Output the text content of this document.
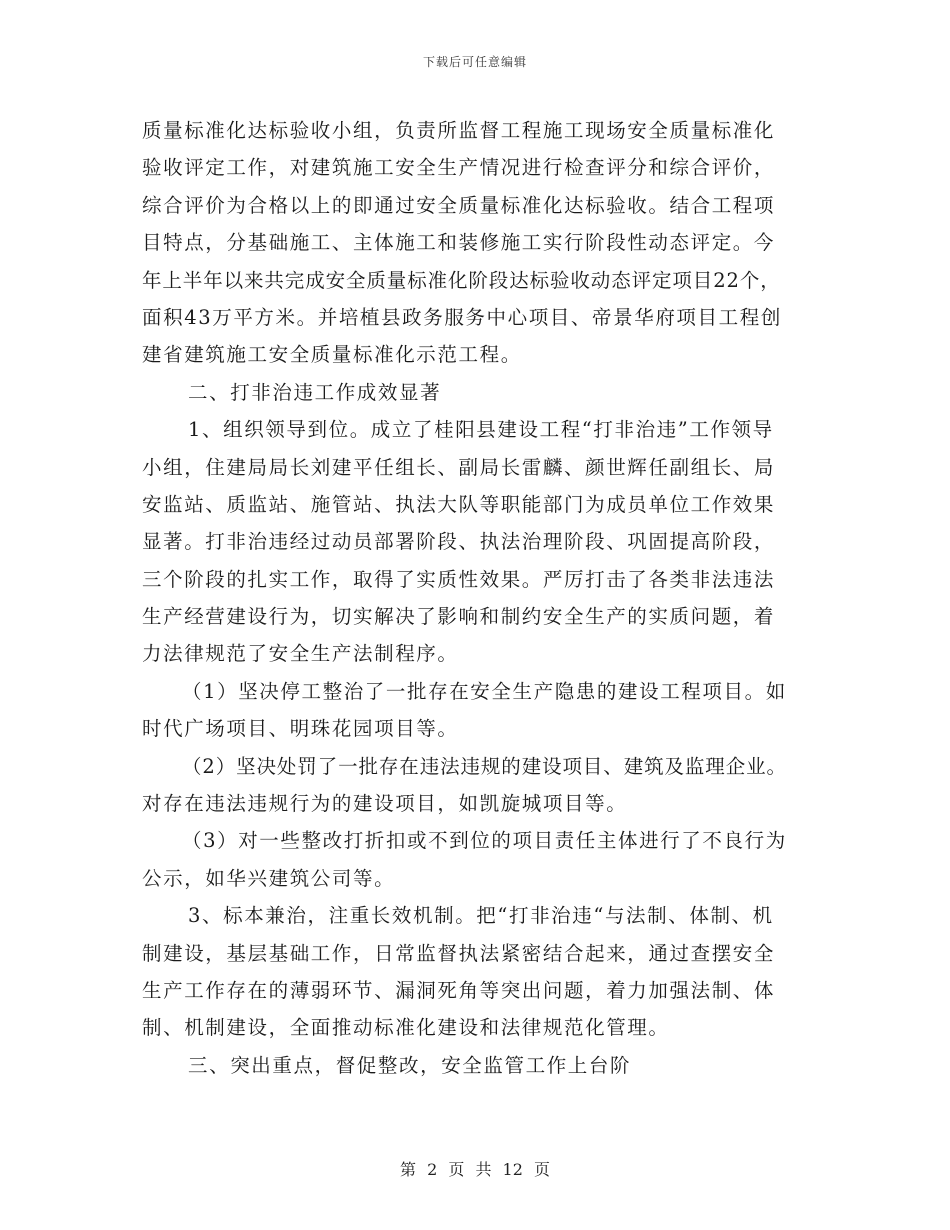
下载后可任意编辑
质量标准化达标验收小组，负责所监督工程施工现场安全质量标准化
验收评定工作，对建筑施工安全生产情况进行检查评分和综合评价，
综合评价为合格以上的即通过安全质量标准化达标验收。结合工程项
目特点，分基础施工、主体施工和装修施工实行阶段性动态评定。今
年上半年以来共完成安全质量标准化阶段达标验收动态评定项目22个，
面积43万平方米。并培植县政务服务中心项目、帝景华府项目工程创
建省建筑施工安全质量标准化示范工程。
二、打非治违工作成效显著
1、组织领导到位。成立了桂阳县建设工程“打非治违”工作领导
小组，住建局局长刘建平任组长、副局长雷麟、颜世辉任副组长、局
安监站、质监站、施管站、执法大队等职能部门为成员单位工作效果
显著。打非治违经过动员部署阶段、执法治理阶段、巩固提高阶段，
三个阶段的扎实工作，取得了实质性效果。严厉打击了各类非法违法
生产经营建设行为，切实解决了影响和制约安全生产的实质问题，着
力法律规范了安全生产法制程序。
（1）坚决停工整治了一批存在安全生产隐患的建设工程项目。如
时代广场项目、明珠花园项目等。
（2）坚决处罚了一批存在违法违规的建设项目、建筑及监理企业。
对存在违法违规行为的建设项目，如凯旋城项目等。
（3）对一些整改打折扣或不到位的项目责任主体进行了不良行为
公示，如华兴建筑公司等。
3、标本兼治，注重长效机制。把“打非治违“与法制、体制、机
制建设，基层基础工作，日常监督执法紧密结合起来，通过查摆安全
生产工作存在的薄弱环节、漏洞死角等突出问题，着力加强法制、体
制、机制建设，全面推动标准化建设和法律规范化管理。
三、突出重点，督促整改，安全监管工作上台阶
第 2 页 共 12 页
